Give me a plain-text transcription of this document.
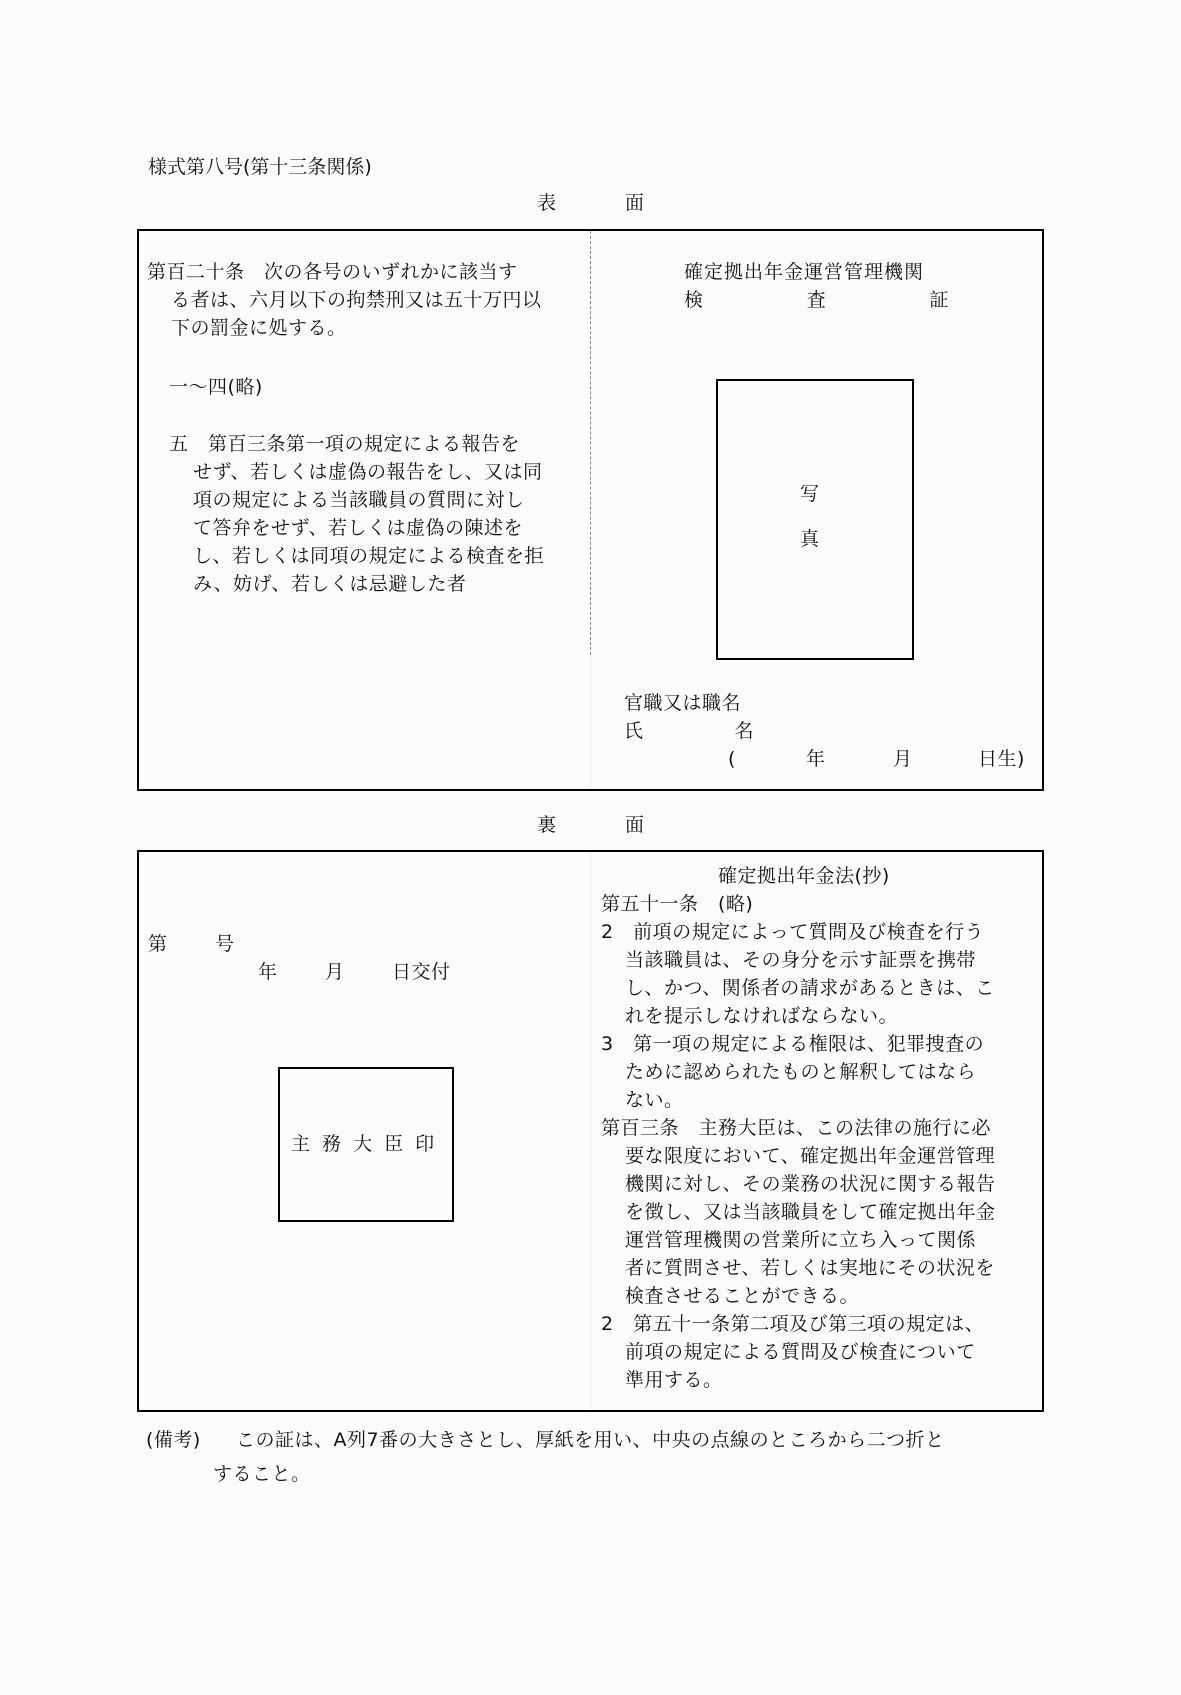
様式第八号(第十三条関係)
表	面
第百二十条　次の各号のいずれかに該当す
る者は、六月以下の拘禁刑又は五十万円以
下の罰金に処する。
一〜四(略)
五　第百三条第一項の規定による報告を
せず、若しくは虚偽の報告をし、又は同
項の規定による当該職員の質問に対し
て答弁をせず、若しくは虚偽の陳述を
し、若しくは同項の規定による検査を拒
み、妨げ、若しくは忌避した者
確定拠出年金運営管理機関
検	査	証
写
真
官職又は職名
氏	名
(	年	月	日生)
裏	面
第 号
年 月 日交付
主 務 大 臣 印
確定拠出年金法(抄)
第五十一条　(略)
2　前項の規定によって質問及び検査を行う
当該職員は、その身分を示す証票を携帯
し、かつ、関係者の請求があるときは、こ
れを提示しなければならない。
3　第一項の規定による権限は、犯罪捜査の
ために認められたものと解釈してはなら
ない。
第百三条　主務大臣は、この法律の施行に必
要な限度において、確定拠出年金運営管理
機関に対し、その業務の状況に関する報告
を徴し、又は当該職員をして確定拠出年金
運営管理機関の営業所に立ち入って関係
者に質問させ、若しくは実地にその状況を
検査させることができる。
2　第五十一条第二項及び第三項の規定は、
前項の規定による質問及び検査について
準用する。
(備考) この証は、A列7番の大きさとし、厚紙を用い、中央の点線のところから二つ折と
すること。
